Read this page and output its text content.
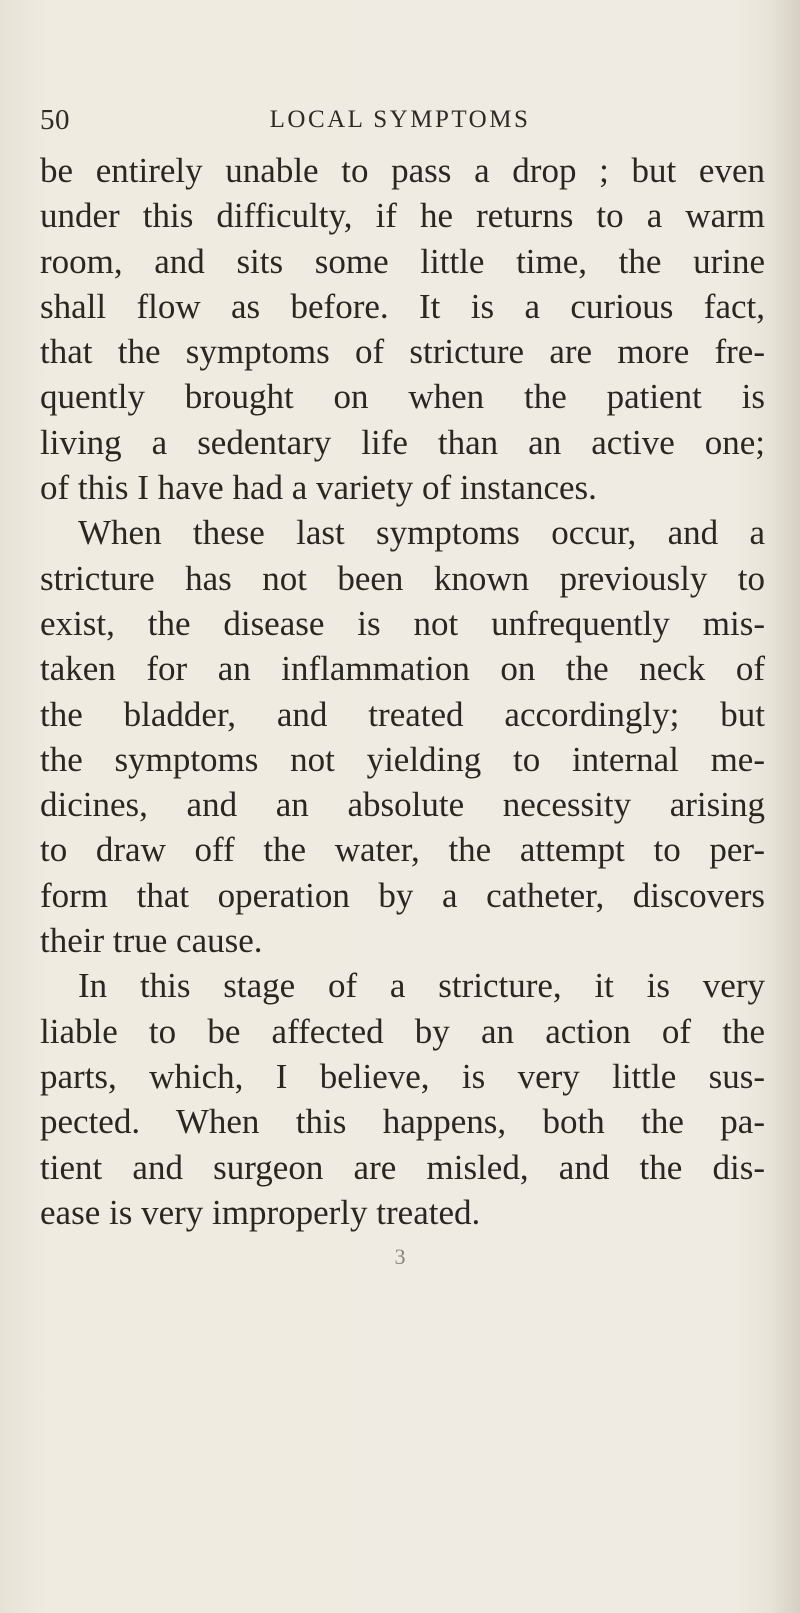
50	LOCAL SYMPTOMS
be entirely unable to pass a drop ; but even
under this difficulty, if he returns to a warm
room, and sits some little time, the urine
shall flow as before. It is a curious fact,
that the symptoms of stricture are more fre-
quently brought on when the patient is
living a sedentary life than an active one;
of this I have had a variety of instances.
When these last symptoms occur, and a
stricture has not been known previously to
exist, the disease is not unfrequently mis-
taken for an inflammation on the neck of
the bladder, and treated accordingly; but
the symptoms not yielding to internal me-
dicines, and an absolute necessity arising
to draw off the water, the attempt to per-
form that operation by a catheter, discovers
their true cause.
In this stage of a stricture, it is very
liable to be affected by an action of the
parts, which, I believe, is very little sus-
pected. When this happens, both the pa-
tient and surgeon are misled, and the dis-
ease is very improperly treated.
3
